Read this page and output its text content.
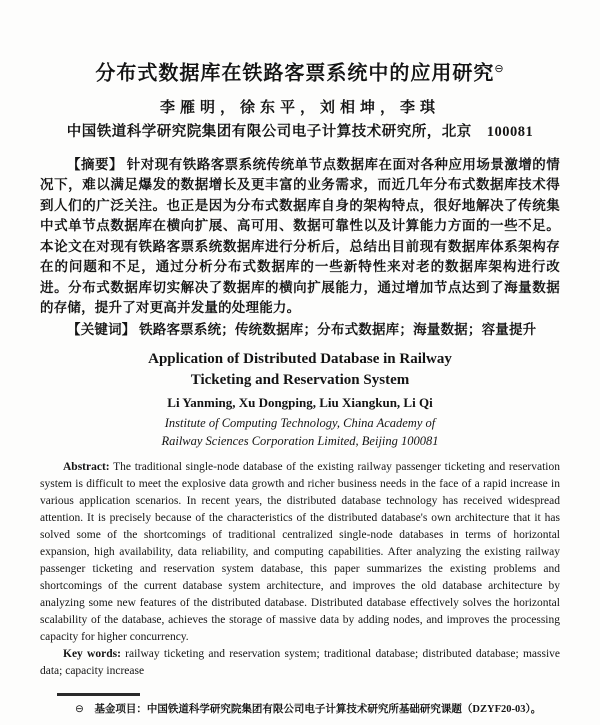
分布式数据库在铁路客票系统中的应用研究⊖
李雁明，徐东平，刘相坤，李琪
中国铁道科学研究院集团有限公司电子计算技术研究所，北京　100081
【摘要】 针对现有铁路客票系统传统单节点数据库在面对各种应用场景激增的情况下，难以满足爆发的数据增长及更丰富的业务需求，而近几年分布式数据库技术得到人们的广泛关注。也正是因为分布式数据库自身的架构特点，很好地解决了传统集中式单节点数据库在横向扩展、高可用、数据可靠性以及计算能力方面的一些不足。本论文在对现有铁路客票系统数据库进行分析后，总结出目前现有数据库体系架构存在的问题和不足，通过分析分布式数据库的一些新特性来对老的数据库架构进行改进。分布式数据库切实解决了数据库的横向扩展能力，通过增加节点达到了海量数据的存储，提升了对更高并发量的处理能力。
【关键词】 铁路客票系统；传统数据库；分布式数据库；海量数据；容量提升
Application of Distributed Database in Railway
Ticketing and Reservation System
Li Yanming, Xu Dongping, Liu Xiangkun, Li Qi
Institute of Computing Technology, China Academy of
Railway Sciences Corporation Limited, Beijing 100081
Abstract: The traditional single-node database of the existing railway passenger ticketing and reservation system is difficult to meet the explosive data growth and richer business needs in the face of a rapid increase in various application scenarios. In recent years, the distributed database technology has received widespread attention. It is precisely because of the characteristics of the distributed database's own architecture that it has solved some of the shortcomings of traditional centralized single-node databases in terms of horizontal expansion, high availability, data reliability, and computing capabilities. After analyzing the existing railway passenger ticketing and reservation system database, this paper summarizes the existing problems and shortcomings of the current database system architecture, and improves the old database architecture by analyzing some new features of the distributed database. Distributed database effectively solves the horizontal scalability of the database, achieves the storage of massive data by adding nodes, and improves the processing capacity for higher concurrency.
Key words: railway ticketing and reservation system; traditional database; distributed database; massive data; capacity increase
⊖ 基金项目：中国铁道科学研究院集团有限公司电子计算技术研究所基础研究课题（DZYF20-03）。
